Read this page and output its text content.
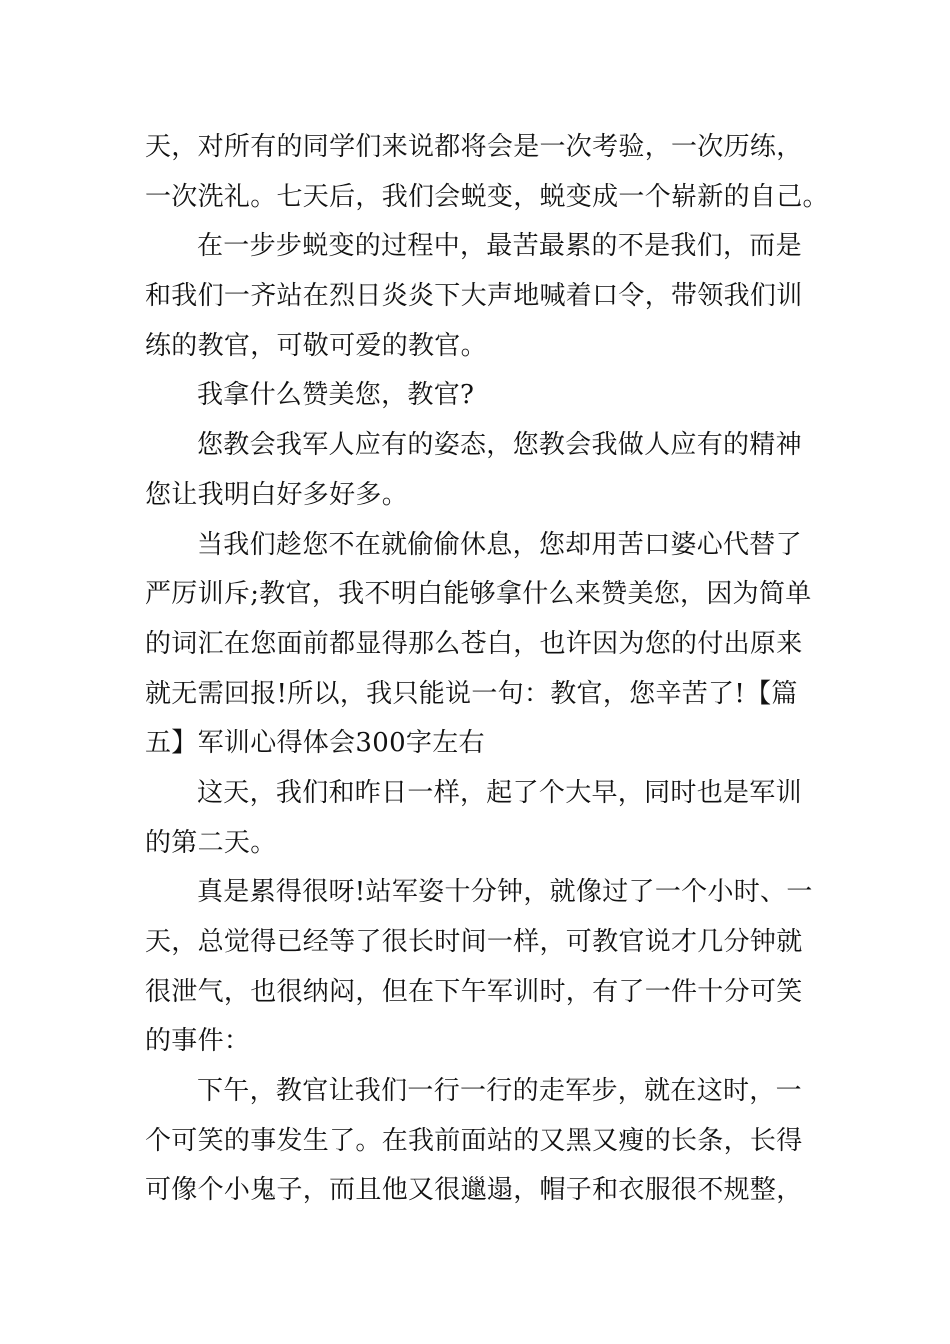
天，对所有的同学们来说都将会是一次考验，一次历练，
一次洗礼。七天后，我们会蜕变，蜕变成一个崭新的自己。
在一步步蜕变的过程中，最苦最累的不是我们，而是
和我们一齐站在烈日炎炎下大声地喊着口令，带领我们训
练的教官，可敬可爱的教官。
我拿什么赞美您，教官?
您教会我军人应有的姿态，您教会我做人应有的精神
您让我明白好多好多。
当我们趁您不在就偷偷休息，您却用苦口婆心代替了
严厉训斥;教官，我不明白能够拿什么来赞美您，因为简单
的词汇在您面前都显得那么苍白，也许因为您的付出原来
就无需回报!所以，我只能说一句：教官，您辛苦了!【篇
五】军训心得体会300字左右
这天，我们和昨日一样，起了个大早，同时也是军训
的第二天。
真是累得很呀!站军姿十分钟，就像过了一个小时、一
天，总觉得已经等了很长时间一样，可教官说才几分钟就
很泄气，也很纳闷，但在下午军训时，有了一件十分可笑
的事件：
下午，教官让我们一行一行的走军步，就在这时，一
个可笑的事发生了。在我前面站的又黑又瘦的长条，长得
可像个小鬼子，而且他又很邋遢，帽子和衣服很不规整，
